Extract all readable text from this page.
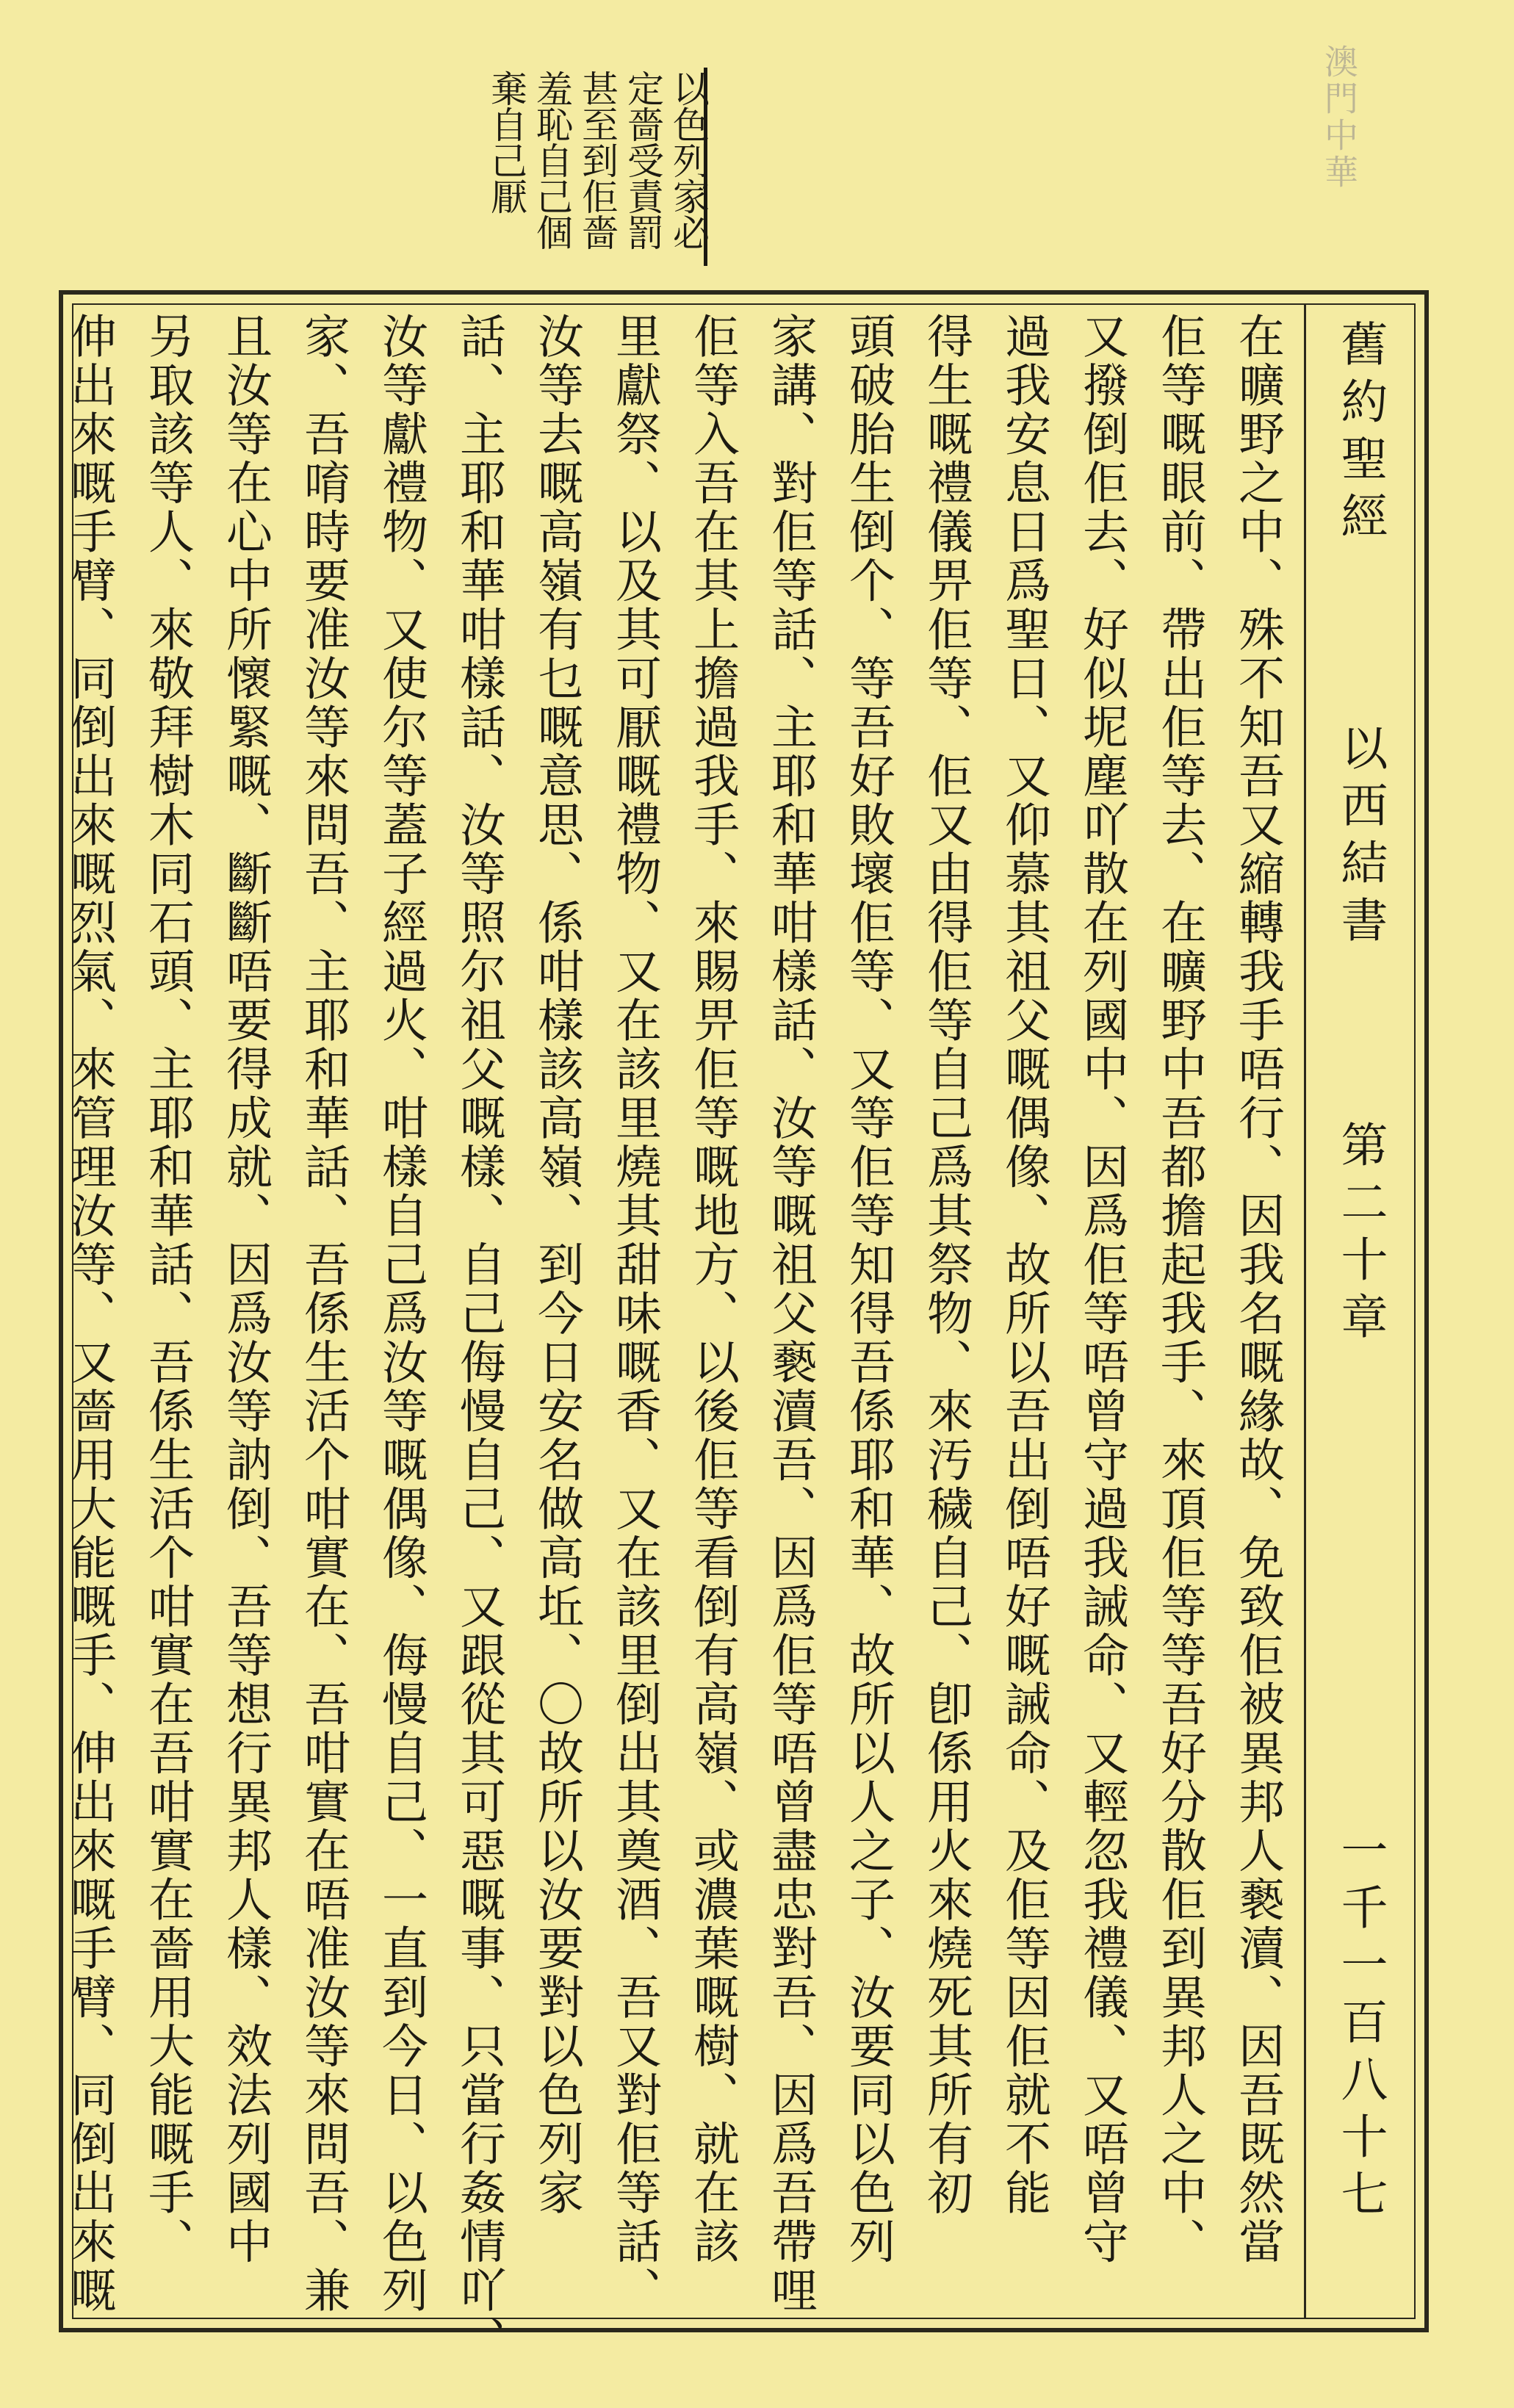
澳門中華
以色列家必
定嗇受責罰
甚至到佢嗇
羞恥自己個
棄自己厭
舊約聖經
以西結書
第二十章
一千一百八十七
在曠野之中、殊不知吾又縮轉我手唔行、因我名嘅緣故、免致佢被異邦人褻瀆、因吾既然當
佢等嘅眼前、帶出佢等去、在曠野中吾都擔起我手、來頂佢等等吾好分散佢到異邦人之中、
又撥倒佢去、好似坭塵吖散在列國中、因爲佢等唔曾守過我誡命、又輕忽我禮儀、又唔曾守
過我安息日爲聖日、又仰慕其祖父嘅偶像、故所以吾出倒唔好嘅誡命、及佢等因佢就不能
得生嘅禮儀畀佢等、佢又由得佢等自己爲其祭物、來汚穢自己、卽係用火來燒死其所有初
頭破胎生倒个、等吾好敗壞佢等、又等佢等知得吾係耶和華、故所以人之子、汝要同以色列
家講、對佢等話、主耶和華咁樣話、汝等嘅祖父褻瀆吾、因爲佢等唔曾盡忠對吾、因爲吾帶哩
佢等入吾在其上擔過我手、來賜畀佢等嘅地方、以後佢等看倒有高嶺、或濃葉嘅樹、就在該
里獻祭、以及其可厭嘅禮物、又在該里燒其甜味嘅香、又在該里倒出其奠酒、吾又對佢等話、
汝等去嘅高嶺有乜嘅意思、係咁樣該高嶺、到今日安名做高坵、〇故所以汝要對以色列家
話、主耶和華咁樣話、汝等照尔祖父嘅樣、自己侮慢自己、又跟從其可惡嘅事、只當行姦情吖、
汝等獻禮物、又使尔等蓋子經過火、咁樣自己爲汝等嘅偶像、侮慢自己、一直到今日、以色列
家、吾唷時要准汝等來問吾、主耶和華話、吾係生活个咁實在、吾咁實在唔准汝等來問吾、兼
且汝等在心中所懷緊嘅、斷斷唔要得成就、因爲汝等訥倒、吾等想行異邦人樣、效法列國中
另取該等人、來敬拜樹木同石頭、主耶和華話、吾係生活个咁實在吾咁實在嗇用大能嘅手、
伸出來嘅手臂、同倒出來嘅烈氣、來管理汝等、又嗇用大能嘅手、伸出來嘅手臂、同倒出來嘅
